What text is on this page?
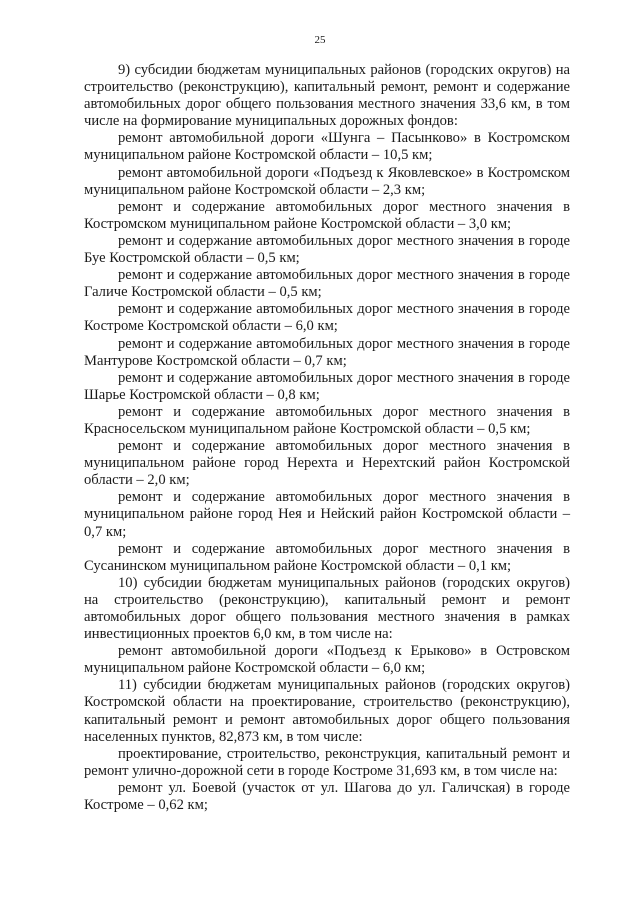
25

9) субсидии бюджетам муниципальных районов (городских округов) на строительство (реконструкцию), капитальный ремонт, ремонт и содержание автомобильных дорог общего пользования местного значения 33,6 км, в том числе на формирование муниципальных дорожных фондов:

ремонт автомобильной дороги «Шунга – Пасынково» в Костромском муниципальном районе Костромской области – 10,5 км;

ремонт автомобильной дороги «Подъезд к Яковлевское» в Костромском муниципальном районе Костромской области – 2,3 км;

ремонт и содержание автомобильных дорог местного значения в Костромском муниципальном районе Костромской области – 3,0 км;

ремонт и содержание автомобильных дорог местного значения в городе Буе Костромской области – 0,5 км;

ремонт и содержание автомобильных дорог местного значения в городе Галиче Костромской области – 0,5 км;

ремонт и содержание автомобильных дорог местного значения в городе Костроме Костромской области – 6,0 км;

ремонт и содержание автомобильных дорог местного значения в городе Мантурове Костромской области – 0,7 км;

ремонт и содержание автомобильных дорог местного значения в городе Шарье Костромской области – 0,8 км;

ремонт и содержание автомобильных дорог местного значения в Красносельском муниципальном районе Костромской области – 0,5 км;

ремонт и содержание автомобильных дорог местного значения в муниципальном районе город Нерехта и Нерехтский район Костромской области – 2,0 км;

ремонт и содержание автомобильных дорог местного значения в муниципальном районе город Нея и Нейский район Костромской области – 0,7 км;

ремонт и содержание автомобильных дорог местного значения в Сусанинском муниципальном районе Костромской области – 0,1 км;

10) субсидии бюджетам муниципальных районов (городских округов) на строительство (реконструкцию), капитальный ремонт и ремонт автомобильных дорог общего пользования местного значения в рамках инвестиционных проектов 6,0 км, в том числе на:

ремонт автомобильной дороги «Подъезд к Ерыково» в Островском муниципальном районе Костромской области – 6,0 км;

11) субсидии бюджетам муниципальных районов (городских округов) Костромской области на проектирование, строительство (реконструкцию), капитальный ремонт и ремонт автомобильных дорог общего пользования населенных пунктов, 82,873 км, в том числе:

проектирование, строительство, реконструкция, капитальный ремонт и ремонт улично-дорожной сети в городе Костроме 31,693 км, в том числе на:

ремонт ул. Боевой (участок от ул. Шагова до ул. Галичская) в городе Костроме – 0,62 км;
